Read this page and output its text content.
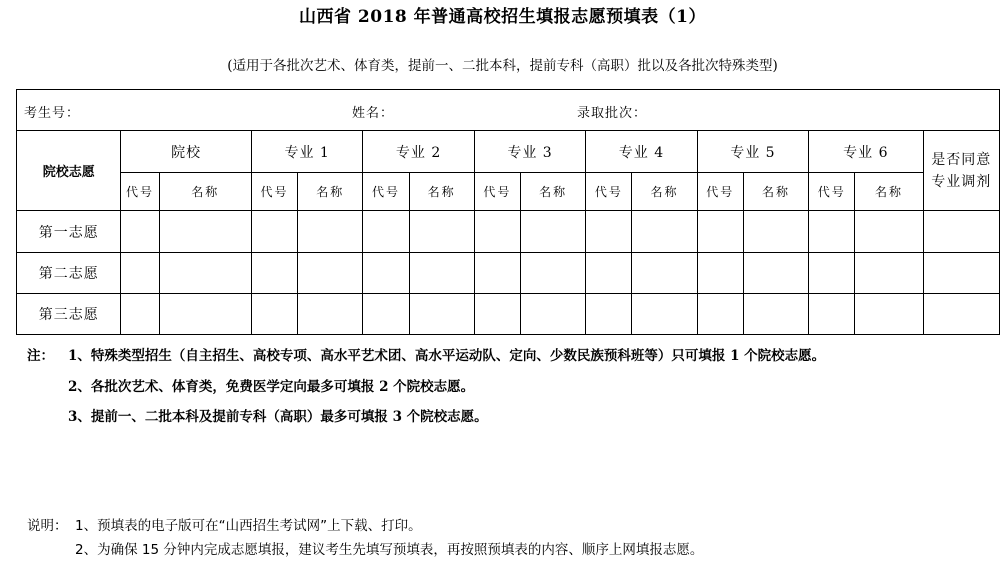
山西省 2018 年普通高校招生填报志愿预填表（1）
(适用于各批次艺术、体育类，提前一、二批本科，提前专科（高职）批以及各批次特殊类型)
考生号： 姓名： 录取批次：															

院校志愿	院校		专业 1		专业 2		专业 3		专业 4		专业 5		专业 6		是否同意
专业调剂

	代号	名称	代号	名称	代号	名称	代号	名称	代号	名称	代号	名称	代号	名称	
第一志愿															
第二志愿															
第三志愿															
注： 1、特殊类型招生（自主招生、高校专项、高水平艺术团、高水平运动队、定向、少数民族预科班等）只可填报 1 个院校志愿。
2、各批次艺术、体育类，免费医学定向最多可填报 2 个院校志愿。
3、提前一、二批本科及提前专科（高职）最多可填报 3 个院校志愿。
说明： 1、预填表的电子版可在“山西招生考试网”上下载、打印。
2、为确保 15 分钟内完成志愿填报，建议考生先填写预填表，再按照预填表的内容、顺序上网填报志愿。
